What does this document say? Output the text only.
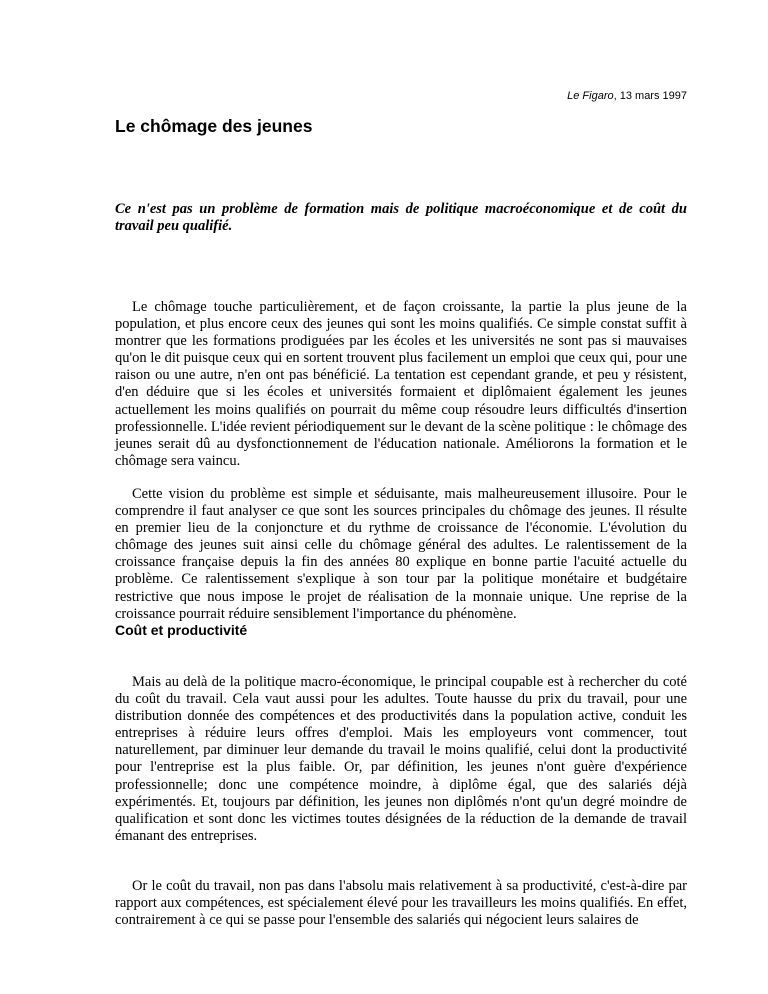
Le Figaro, 13 mars 1997
Le chômage des jeunes

Ce n'est pas un problème de formation mais de politique macroéconomique et de coût du travail peu qualifié.

Le chômage touche particulièrement, et de façon croissante, la partie la plus jeune de la population, et plus encore ceux des jeunes qui sont les moins qualifiés. Ce simple constat suffit à montrer que les formations prodiguées par les écoles et les universités ne sont pas si mauvaises qu'on le dit puisque ceux qui en sortent trouvent plus facilement un emploi que ceux qui, pour une raison ou une autre, n'en ont pas bénéficié. La tentation est cependant grande, et peu y résistent, d'en déduire que si les écoles et universités formaient et diplômaient également les jeunes actuellement les moins qualifiés on pourrait du même coup résoudre leurs difficultés d'insertion professionnelle. L'idée revient périodiquement sur le devant de la scène politique : le chômage des jeunes serait dû au dysfonctionnement de l'éducation nationale. Améliorons la formation et le chômage sera vaincu.

Cette vision du problème est simple et séduisante, mais malheureusement illusoire. Pour le comprendre il faut analyser ce que sont les sources principales du chômage des jeunes. Il résulte en premier lieu de la conjoncture et du rythme de croissance de l'économie. L'évolution du chômage des jeunes suit ainsi celle du chômage général des adultes. Le ralentissement de la croissance française depuis la fin des années 80 explique en bonne partie l'acuité actuelle du problème. Ce ralentissement s'explique à son tour par la politique monétaire et budgétaire restrictive que nous impose le projet de réalisation de la monnaie unique. Une reprise de la croissance pourrait réduire sensiblement l'importance du phénomène.

Coût et productivité

Mais au delà de la politique macro-économique, le principal coupable est à rechercher du coté du coût du travail. Cela vaut aussi pour les adultes. Toute hausse du prix du travail, pour une distribution donnée des compétences et des productivités dans la population active, conduit les entreprises à réduire leurs offres d'emploi. Mais les employeurs vont commencer, tout naturellement, par diminuer leur demande du travail le moins qualifié, celui dont la productivité pour l'entreprise est la plus faible. Or, par définition, les jeunes n'ont guère d'expérience professionnelle; donc une compétence moindre, à diplôme égal, que des salariés déjà expérimentés. Et, toujours par définition, les jeunes non diplômés n'ont qu'un degré moindre de qualification et sont donc les victimes toutes désignées de la réduction de la demande de travail émanant des entreprises.

Or le coût du travail, non pas dans l'absolu mais relativement à sa productivité, c'est-à-dire par rapport aux compétences, est spécialement élevé pour les travailleurs les moins qualifiés. En effet, contrairement à ce qui se passe pour l'ensemble des salariés qui négocient leurs salaires de
